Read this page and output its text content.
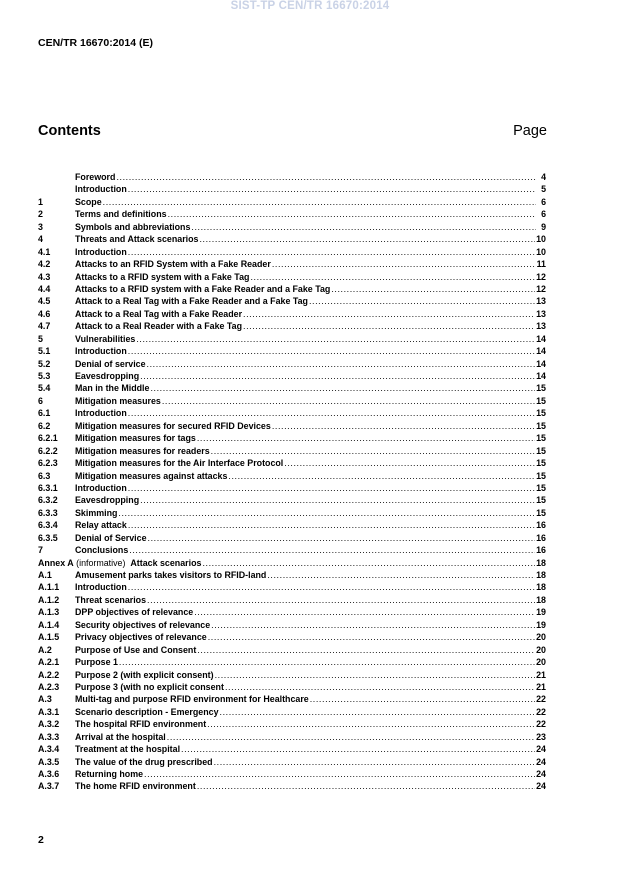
SIST-TP CEN/TR 16670:2014
CEN/TR 16670:2014 (E)
Contents	Page
Foreword .....	4
Introduction .....	5
1	Scope .....	6
2	Terms and definitions .....	6
3	Symbols and abbreviations .....	9
4	Threats and Attack scenarios .....	10
4.1	Introduction .....	10
4.2	Attacks to an RFID System with a Fake Reader .....	11
4.3	Attacks to a RFID system with a Fake Tag .....	12
4.4	Attacks to a RFID system with a Fake Reader and a Fake Tag .....	12
4.5	Attack to a Real Tag with a Fake Reader and a Fake Tag .....	13
4.6	Attack to a Real Tag with a Fake Reader .....	13
4.7	Attack to a Real Reader with a Fake Tag .....	13
5	Vulnerabilities .....	14
5.1	Introduction .....	14
5.2	Denial of service .....	14
5.3	Eavesdropping .....	14
5.4	Man in the Middle .....	15
6	Mitigation measures .....	15
6.1	Introduction .....	15
6.2	Mitigation measures for secured RFID Devices .....	15
6.2.1	Mitigation measures for tags .....	15
6.2.2	Mitigation measures for readers .....	15
6.2.3	Mitigation measures for the Air Interface Protocol .....	15
6.3	Mitigation measures against attacks .....	15
6.3.1	Introduction .....	15
6.3.2	Eavesdropping .....	15
6.3.3	Skimming .....	15
6.3.4	Relay attack .....	16
6.3.5	Denial of Service .....	16
7	Conclusions .....	16
Annex A (informative)  Attack scenarios .....	18
A.1	Amusement parks takes visitors to RFID-land .....	18
A.1.1	Introduction .....	18
A.1.2	Threat scenarios .....	18
A.1.3	DPP objectives of relevance .....	19
A.1.4	Security objectives of relevance .....	19
A.1.5	Privacy objectives of relevance .....	20
A.2	Purpose of Use and Consent .....	20
A.2.1	Purpose 1 .....	20
A.2.2	Purpose 2 (with explicit consent) .....	21
A.2.3	Purpose 3 (with no explicit consent .....	21
A.3	Multi-tag and purpose RFID environment for Healthcare .....	22
A.3.1	Scenario description - Emergency .....	22
A.3.2	The hospital RFID environment .....	22
A.3.3	Arrival at the hospital .....	23
A.3.4	Treatment at the hospital .....	24
A.3.5	The value of the drug prescribed .....	24
A.3.6	Returning home .....	24
A.3.7	The home RFID environment .....	24
2
